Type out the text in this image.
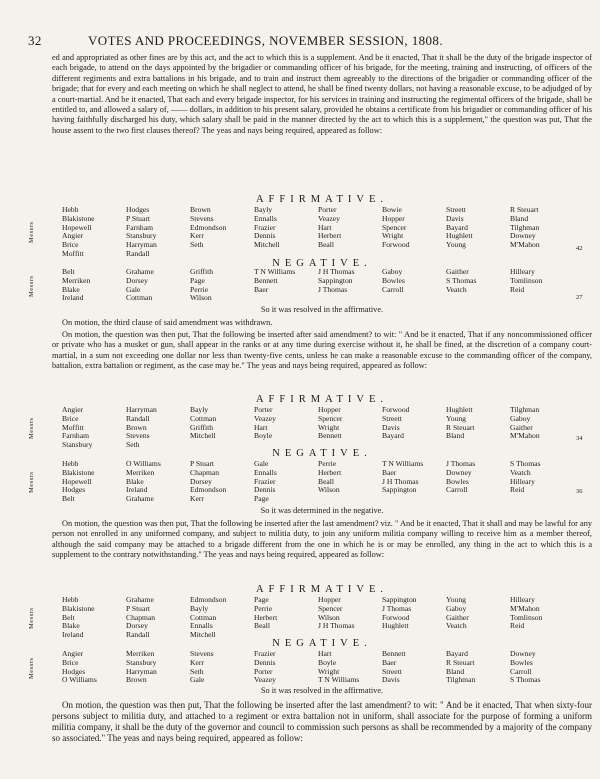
32	VOTES AND PROCEEDINGS, NOVEMBER SESSION, 1808.

ed and appropriated as other fines are by this act, and the act to which this is a supplement. And be it enacted, That it shall be the duty of the brigade inspector of each brigade, to attend on the days appointed by the brigadier or commanding officer of his brigade, for the meeting, training and instructing, of officers of the different regiments and extra battalions in his brigade, and to train and instruct them agreeably to the directions of the brigadier or commanding officer of the brigade; that for every and each meeting on which he shall neglect to attend, he shall be fined twenty dollars, not having a reasonable excuse, to be adjudged of by a court-martial. And be it enacted, That each and every brigade inspector, for his services in training and instructing the regimental officers of the brigade, shall be entitled to, and allowed a salary of, —— dollars, in addition to his present salary, provided he obtains a certificate from his brigadier or commanding officer of his having faithfully discharged his duty, which salary shall be paid in the manner directed by the act to which this is a supplement," the question was put, That the house assent to the two first clauses thereof? The yeas and nays being required, appeared as follow:

AFFIRMATIVE.

Messrs
Hebb	Hodges	Brown	Bayly	Porter	Bowie	Streett	R Steuart
Blakistone	P Stuart	Stevens	Ennalls	Veazey	Hopper	Davis	Bland
Hopewell	Farnham	Edmondson	Frazier	Hart	Spencer	Bayard	Tilghman
Angier	Stansbury	Kerr	Dennis	Herbert	Wright	Hughlett	Downey
Brice	Harryman	Seth	Mitchell	Beall	Forwood	Young	M'Mahon
Moffitt	Randall
42

NEGATIVE.

Messrs
Belt	Grahame	Griffith	T N Williams	J H Thomas	Gaboy	Gaither	Hilleary
Merriken	Dorsey	Page	Bennett	Sappington	Bowles	S Thomas	Tomlinson
Blake	Gale	Perrie	Baer	J Thomas	Carroll	Veatch	Reid
Ireland	Cottman	Wilson	27

So it was resolved in the affirmative.

On motion, the third clause of said amendment was withdrawn.

On motion, the question was then put, That the following be inserted after said amendment? to wit: " And be it enacted, That if any noncommissioned officer or private who has a musket or gun, shall appear in the ranks or at any time during exercise without it, he shall be fined, at the discretion of a company court-martial, in a sum not exceeding one dollar nor less than twenty-five cents, unless he can make a reasonable excuse to the commanding officer of the company, battalion, extra battalion or regiment, as the case may be." The yeas and nays being required, appeared as follow:

AFFIRMATIVE.

Messrs
Angier	Harryman	Bayly	Porter	Hopper	Forwood	Hughlett	Tilghman
Brice	Randall	Cottman	Veazey	Spencer	Streett	Young	Gaboy
Moffitt	Brown	Griffith	Hart	Wright	Davis	R Steuart	Gaither
Farnham	Stevens	Mitchell	Boyle	Bennett	Bayard	Bland	M'Mahon
Stansbury	Seth
34

NEGATIVE.

Messrs
Hebb	O Williams	P Stuart	Gale	Perrie	T N Williams	J Thomas	S Thomas
Blakistone	Merriken	Chapman	Ennalls	Herbert	Baer	Downey	Veatch
Hopewell	Blake	Dorsey	Frazier	Beall	J H Thomas	Bowles	Hilleary
Hodges	Ireland	Edmondson	Dennis	Wilson	Sappington	Carroll	Reid
Belt	Grahame	Kerr	Page
36

So it was determined in the negative.

On motion, the question was then put, That the following be inserted after the last amendment? viz. " And be it enacted, That it shall and may be lawful for any person not enrolled in any uniformed company, and subject to militia duty, to join any uniform militia company willing to receive him as a member thereof, although the said company may be attached to a brigade different from the one in which he is or may be enrolled, any thing in the act to which this is a supplement to the contrary notwithstanding." The yeas and nays being required, appeared as follow:

AFFIRMATIVE.

Messrs
Hebb	Grahame	Edmondson	Page	Hopper	Sappington	Young	Hilleary
Blakistone	P Stuart	Bayly	Perrie	Spencer	J Thomas	Gaboy	M'Mahon
Belt	Chapman	Cottman	Herbert	Wilson	Forwood	Gaither	Tomlinson
Blake	Dorsey	Ennalls	Beall	J H Thomas	Hughlett	Veatch	Reid
Ireland	Randall	Mitchell

NEGATIVE.

Messrs
Angier	Merriken	Stevens	Frazier	Hart	Bennett	Bayard	Downey
Brice	Stansbury	Kerr	Dennis	Boyle	Baer	R Steuart	Bowles
Hodges	Harryman	Seth	Porter	Wright	Streett	Bland	Carroll
O Williams	Brown	Gale	Veazey	T N Williams	Davis	Tilghman	S Thomas

So it was resolved in the affirmative.

On motion, the question was then put, That the following be inserted after the last amendment? to wit: " And be it enacted, That when sixty-four persons subject to militia duty, and attached to a regiment or extra battalion not in uniform, shall associate for the purpose of forming a uniform militia company, it shall be the duty of the governor and council to commission such persons as shall be recommended by a majority of the company so associated." The yeas and nays being required, appeared as follow:
